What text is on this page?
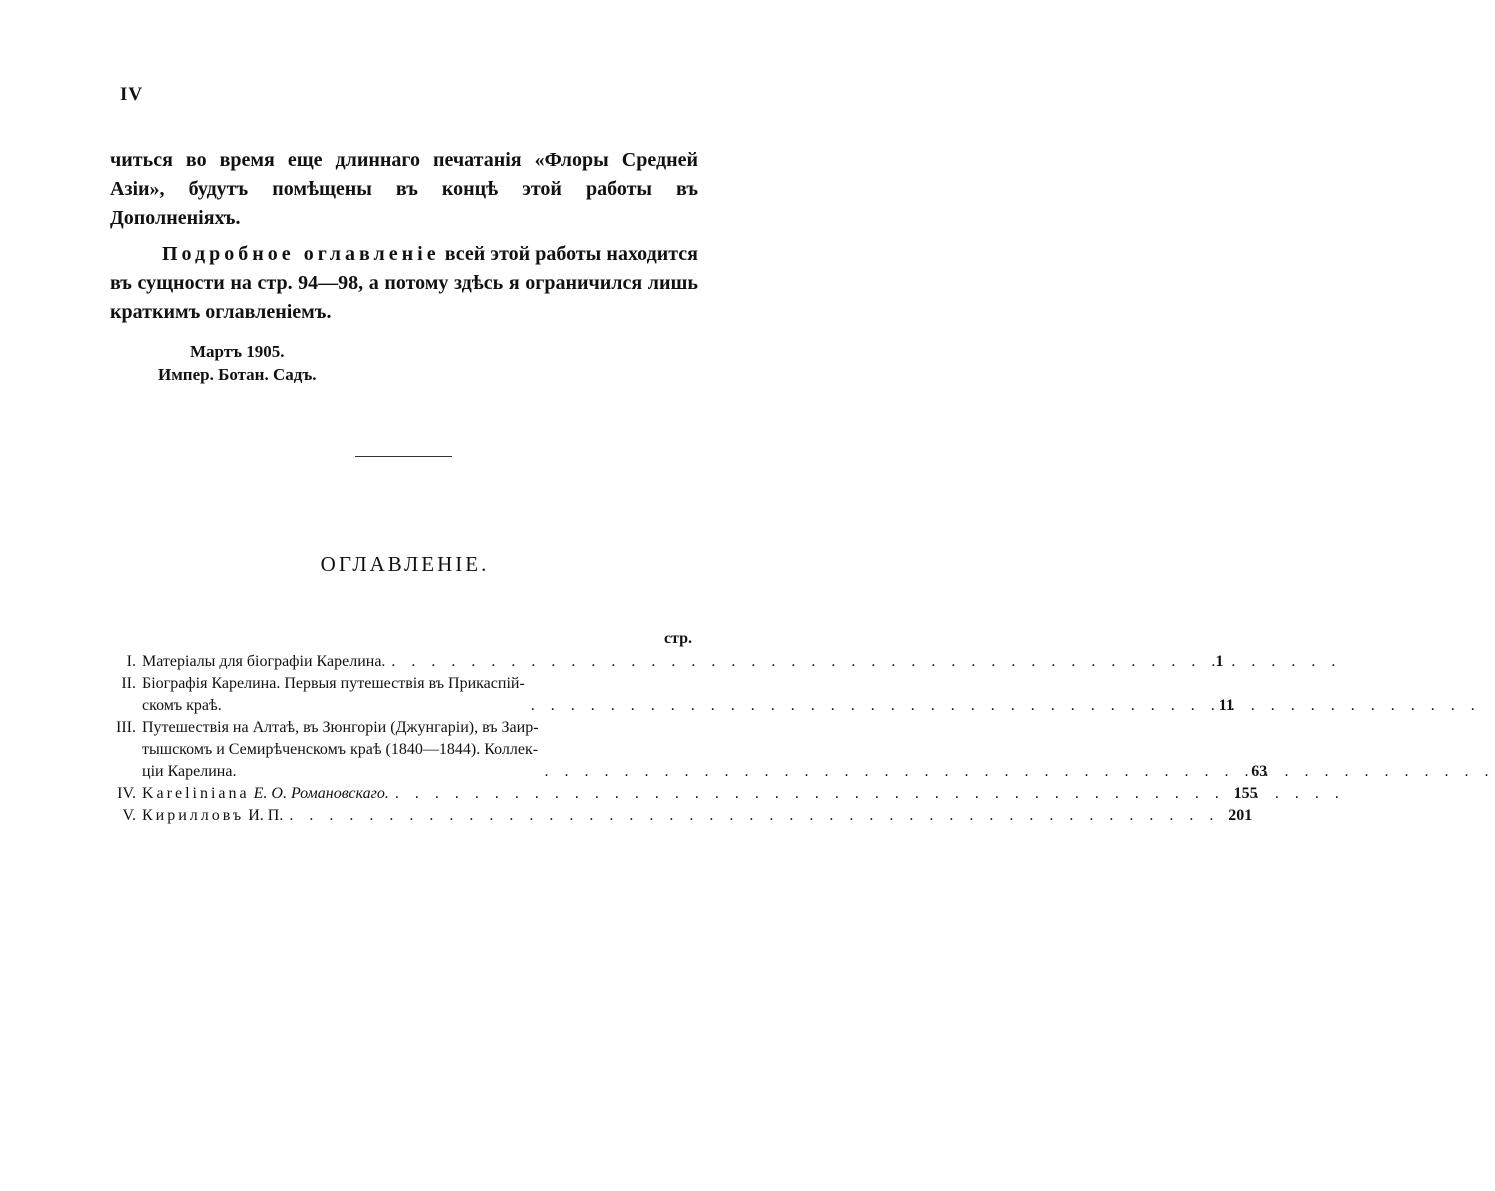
IV

читься во время еще длиннаго печатанія «Флоры Средней Азіи», будутъ помѣщены въ концѣ этой работы въ Дополненіяхъ.

Подробное оглавленіе всей этой работы находится въ сущности на стр. 94—98, а потому здѣсь я ограничился лишь краткимъ оглавленіемъ.

Мартъ 1905.
Импер. Ботан. Садъ.
ОГЛАВЛЕНІЕ.
стр.
I. Матеріалы для біографіи Карелина. . . .	1
II. Біографія Карелина. Первыя путешествія въ Прикаспій-
скомъ краѣ. . . .	11
III. Путешествія на Алтаѣ, въ Зюнгоріи (Джунгаріи), въ Заир-
тышскомъ и Семирѣченскомъ краѣ (1840—1844). Коллек-
ціи Карелина. . . .	63
IV. Kareliniana Е. О. Романовскаго. . . .	155
V. Кирилловъ И. П. . . .	201
